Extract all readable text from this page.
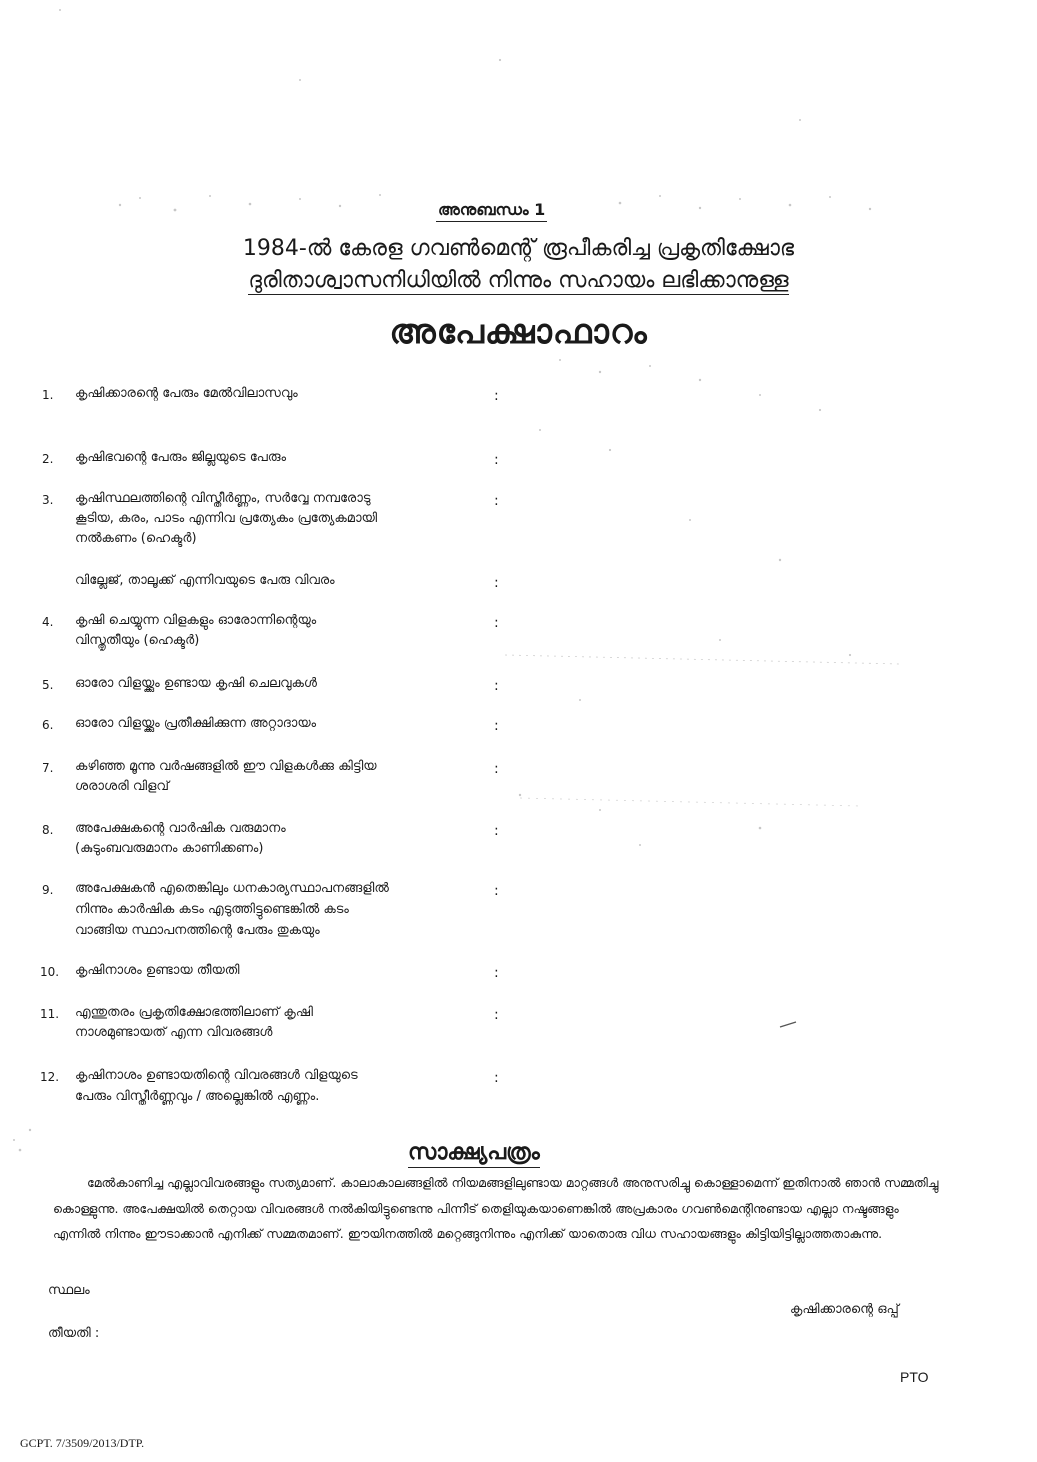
അനുബന്ധം 1
1984-ൽ കേരള ഗവൺമെന്റ് രൂപീകരിച്ച പ്രകൃതിക്ഷോഭ
ദുരിതാശ്വാസനിധിയിൽ നിന്നും സഹായം ലഭിക്കാനുള്ള
അപേക്ഷാഫാറം
1. കൃഷിക്കാരന്റെ പേരും മേൽവിലാസവും	:
2. കൃഷിഭവന്റെ പേരും ജില്ലയുടെ പേരും	:
3. കൃഷിസ്ഥലത്തിന്റെ വിസ്തീർണ്ണം, സർവ്വേ നമ്പരോടു
കൂടിയ, കരം, പാടം എന്നിവ പ്രത്യേകം പ്രത്യേകമായി
നൽകണം (ഹെക്ടർ)
:
വില്ലേജ്, താലൂക്ക് എന്നിവയുടെ പേരു വിവരം	:
4. കൃഷി ചെയ്യുന്ന വിളകളും ഓരോന്നിന്റെയും
വിസ്തൃതീയും (ഹെക്ടർ)
:
5. ഓരോ വിളയ്ക്കും ഉണ്ടായ കൃഷി ചെലവുകൾ	:
6. ഓരോ വിളയ്ക്കും പ്രതീക്ഷിക്കുന്ന അറ്റാദായം	:
7. കഴിഞ്ഞ മൂന്നു വർഷങ്ങളിൽ ഈ വിളകൾക്കു കിട്ടിയ
ശരാശരി വിളവ്
:
8. അപേക്ഷകന്റെ വാർഷിക വരുമാനം
(കുടുംബവരുമാനം കാണിക്കണം)
:
9. അപേക്ഷകൻ എതെങ്കിലും ധനകാര്യസ്ഥാപനങ്ങളിൽ
നിന്നും കാർഷിക കടം എടുത്തിട്ടുണ്ടെങ്കിൽ കടം
വാങ്ങിയ സ്ഥാപനത്തിന്റെ പേരും തുകയും
:
10. കൃഷിനാശം ഉണ്ടായ തീയതി	:
11. എന്തുതരം പ്രകൃതിക്ഷോഭത്തിലാണ് കൃഷി
നാശമുണ്ടായത് എന്ന വിവരങ്ങൾ
:
12. കൃഷിനാശം ഉണ്ടായതിന്റെ വിവരങ്ങൾ വിളയുടെ
പേരും വിസ്തീർണ്ണവും / അല്ലെങ്കിൽ എണ്ണം.
:
സാക്ഷ്യപത്രം
മേൽകാണിച്ച എല്ലാവിവരങ്ങളും സത്യമാണ്. കാലാകാലങ്ങളിൽ നിയമങ്ങളിലുണ്ടായ മാറ്റങ്ങൾ അനുസരിച്ചു കൊള്ളാമെന്ന് ഇതിനാൽ ഞാൻ സമ്മതിച്ചു കൊള്ളുന്നു. അപേക്ഷയിൽ തെറ്റായ വിവരങ്ങൾ നൽകിയിട്ടുണ്ടെന്നു പിന്നീട് തെളിയുകയാണെങ്കിൽ അപ്രകാരം ഗവൺമെന്റിനുണ്ടായ എല്ലാ നഷ്ടങ്ങളും എന്നിൽ നിന്നും ഈടാക്കാൻ എനിക്ക് സമ്മതമാണ്. ഈയിനത്തിൽ മറ്റെങ്ങുനിന്നും എനിക്ക് യാതൊരു വിധ സഹായങ്ങളും കിട്ടിയിട്ടില്ലാത്തതാകുന്നു.
സ്ഥലം
കൃഷിക്കാരന്റെ ഒപ്പ്
തീയതി :
PTO
GCPT. 7/3509/2013/DTP.
